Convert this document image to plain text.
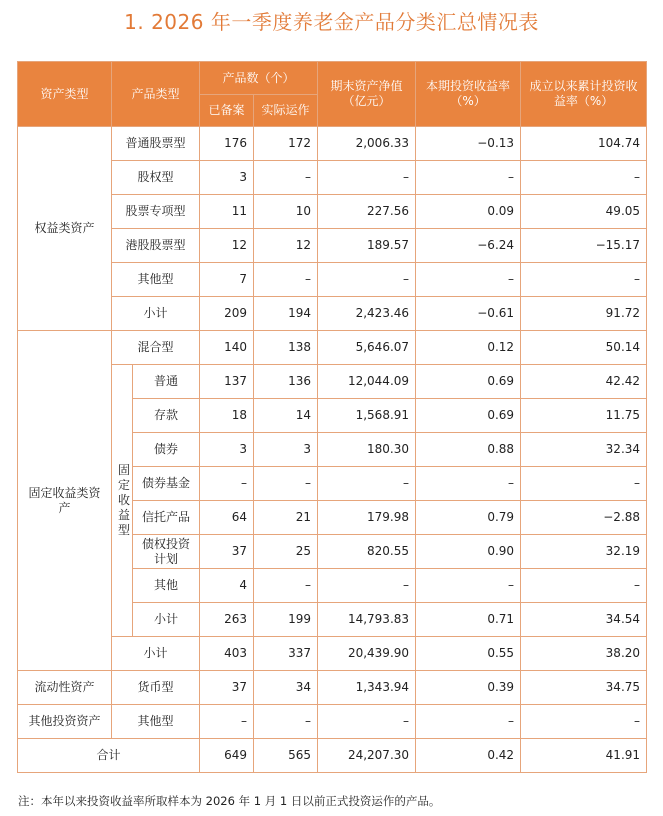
1. 2026 年一季度养老金产品分类汇总情况表
资产类型	产品类型		产品数（个）		期末资产净值（亿元）	本期投资收益率（%）	成立以来累计投资收益率（%）
			已备案	实际运作			
权益类资产	普通股票型		176	172	2,006.33	−0.13	104.74
	股权型		3	–	–	–	–
	股票专项型		11	10	227.56	0.09	49.05
	港股股票型		12	12	189.57	−6.24	−15.17
	其他型		7	–	–	–	–
	小计		209	194	2,423.46	−0.61	91.72
固定收益类资产	混合型		140	138	5,646.07	0.12	50.14
	固定收益型	普通	137	136	12,044.09	0.69	42.42
		存款	18	14	1,568.91	0.69	11.75
		债券	3	3	180.30	0.88	32.34
		债券基金	–	–	–	–	–
		信托产品	64	21	179.98	0.79	−2.88
		债权投资计划	37	25	820.55	0.90	32.19
		其他	4	–	–	–	–
		小计	263	199	14,793.83	0.71	34.54
	小计		403	337	20,439.90	0.55	38.20
流动性资产	货币型		37	34	1,343.94	0.39	34.75
其他投资资产	其他型		–	–	–	–	–
合计			649	565	24,207.30	0.42	41.91
注：本年以来投资收益率所取样本为 2026 年 1 月 1 日以前正式投资运作的产品。
